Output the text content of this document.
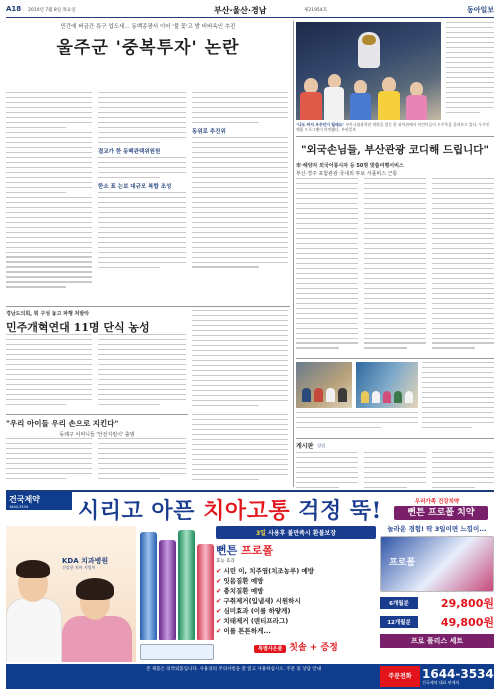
A18 2010년 7월 8일 목요일	부산·울산·경남	제21954호	동아일보
민간에 버금간 특구 업도세… 동백종광서 이어 '불 꽃'고 밤 비바옥인 추진
울주군 '중복투자' 논란
결교가 한 동백관택위원원
한소 표 는보 대규모 복합 조성
동위로 추진위
"나도 커서 우주인이 될래요" 부산국립과학관 개관을 앞둔 한 과학관에서 어린이들이 우주복을 살펴보고 있다. 우주인 체험 프로그램이 마련됐다. 부산일보
"외국손님들, 부산관광 코디해 드립니다"
市·해양자 외국어봉사자 등 50명 맞춤여행서비스
부산·경주 포함관광 국내외 투보 서플비스 근통
게시판 알림
경남도의회, 뭐 구성 놓고 파행 처발라
민주개혁연대 11명 단식 농성
"우리 아이들 우리 손으로 지킨다"
동래구 어머니들 '안전지킴이' 출범
건국제약
1644-3534	시리고 아픈 치아고통 걱정 뚝!	우리가족 건강치약
뻔튼 프로폴 치약
KDA 치과병원
건강한 치아 지킴이
3일 사용후 불만족시 환불보장
뻔튼 프로폴
효능 효과
✔ 시린 이, 치주염(치조농루) 예방
✔ 잇몸질환 예방
✔ 충치질환 예방
✔ 구취제거(입냄새) 시원하시
✔ 심미효과 (이를 하얗게)
✔ 치태제거 (덴티프라그)
✔ 이를 튼튼하게...
특별사은품 칫솔 + 증정
놀라운 경험! 딱 3일이면 느낌이...
프로폴
6개월분	29,800원
12개월분	49,800원
프로 폴리스 세트
본 제품은 의약외품입니다. 사용상의 주의사항을 잘 읽고 사용하십시오. 주문 및 상담 안내
주문전화 1644-3534
건국제약 대표 판매처
